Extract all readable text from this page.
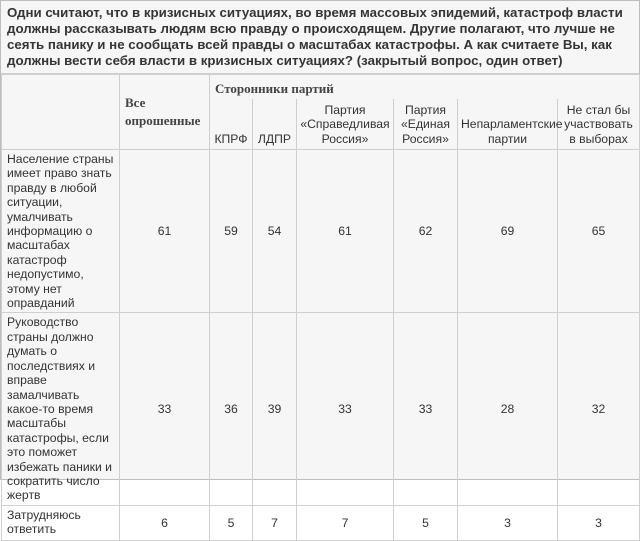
Одни считают, что в кризисных ситуациях, во время массовых эпидемий, катастроф власти должны рассказывать людям всю правду о происходящем. Другие полагают, что лучше не сеять панику и не сообщать всей правды о масштабах катастрофы. А как считаете Вы, как должны вести себя власти в кризисных ситуациях? (закрытый вопрос, один ответ)
	Все опрошенные	Сторонники партий					
		КПРФ	ЛДПР	Партия «Справедливая Россия»	Партия «Единая Россия»	Непарламентские партии	Не стал бы участвовать в выборах
Население страны имеет право знать правду в любой ситуации, умалчивать информацию о масштабах катастроф недопустимо, этому нет оправданий	61	59	54	61	62	69	65
Руководство страны должно думать о последствиях и вправе замалчивать какое-то время масштабы катастрофы, если это поможет избежать паники и сократить число жертв	33	36	39	33	33	28	32
Затрудняюсь ответить	6	5	7	7	5	3	3
